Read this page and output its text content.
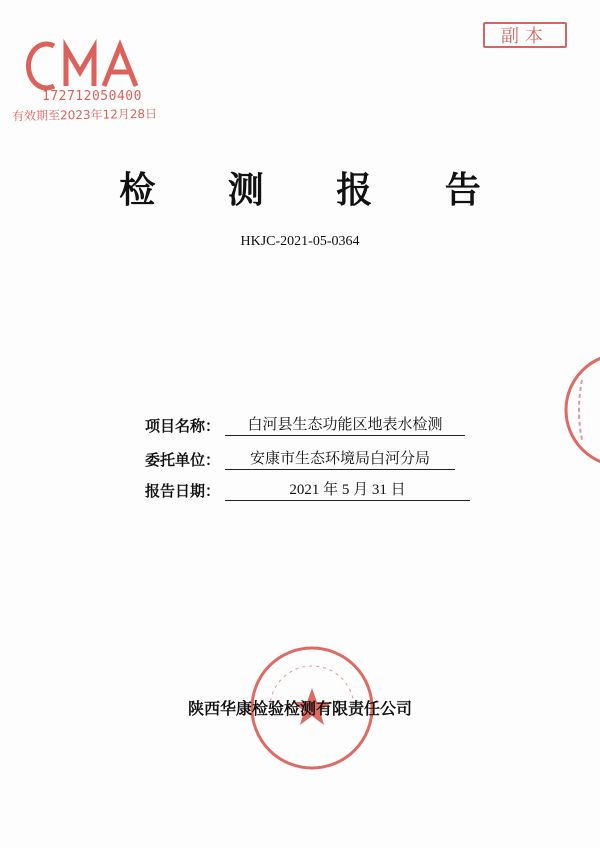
172712050400
有效期至2023年12月28日
副本
检 测 报 告
HKJC-2021-05-0364
项目名称：	白河县生态功能区地表水检测
委托单位：	安康市生态环境局白河分局
报告日期：	2021 年 5 月 31 日
陕西华康检验检测有限责任公司
